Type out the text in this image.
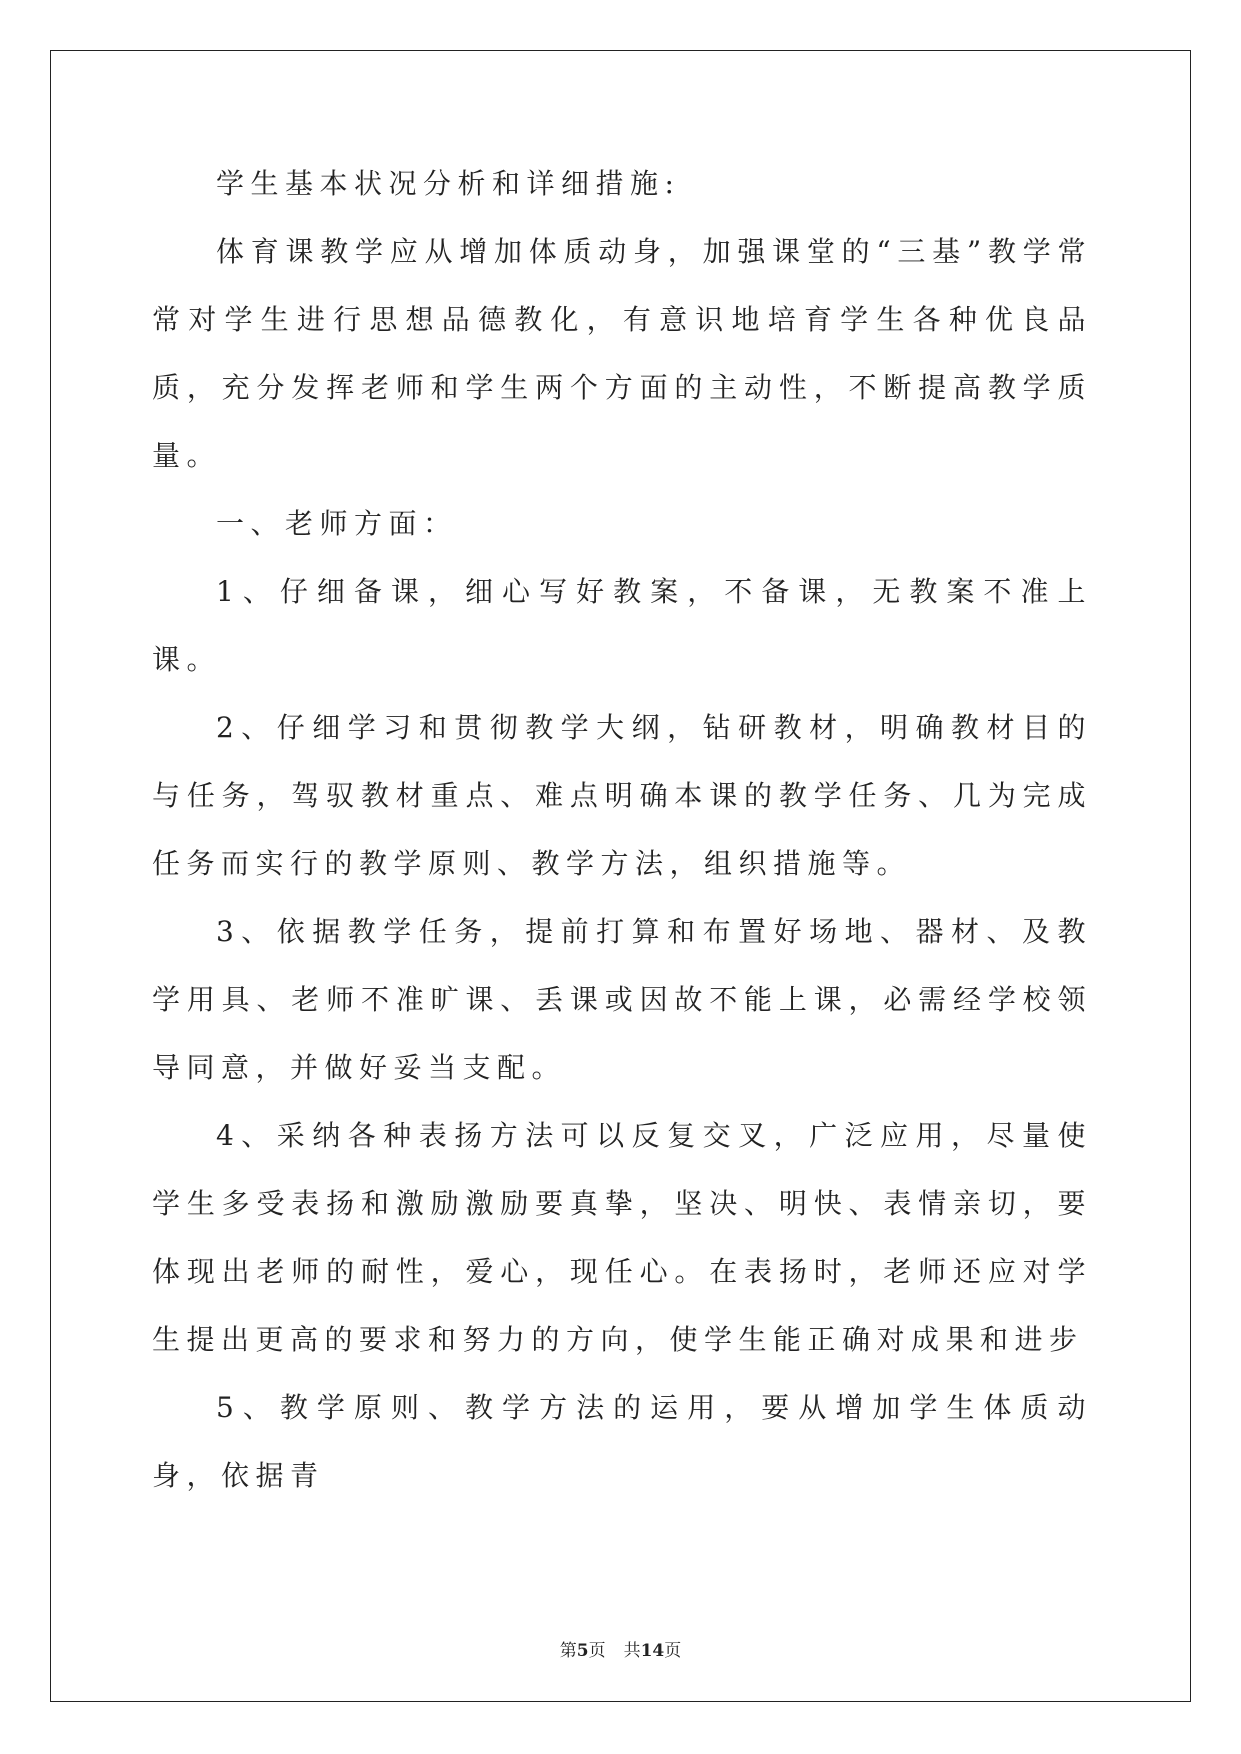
学生基本状况分析和详细措施:

体育课教学应从增加体质动身，加强课堂的“三基”教学常常对学生进行思想品德教化，有意识地培育学生各种优良品质，充分发挥老师和学生两个方面的主动性，不断提高教学质量。

一、老师方面：

1、仔细备课，细心写好教案，不备课，无教案不准上课。

2、仔细学习和贯彻教学大纲，钻研教材，明确教材目的与任务，驾驭教材重点、难点明确本课的教学任务、几为完成任务而实行的教学原则、教学方法，组织措施等。

3、依据教学任务，提前打算和布置好场地、器材、及教学用具、老师不准旷课、丢课或因故不能上课，必需经学校领导同意，并做好妥当支配。

4、采纳各种表扬方法可以反复交叉，广泛应用，尽量使学生多受表扬和激励激励要真挚，坚决、明快、表情亲切，要体现出老师的耐性，爱心，现任心。在表扬时，老师还应对学生提出更高的要求和努力的方向，使学生能正确对成果和进步

5、教学原则、教学方法的运用，要从增加学生体质动身，依据青

第5页 共14页
